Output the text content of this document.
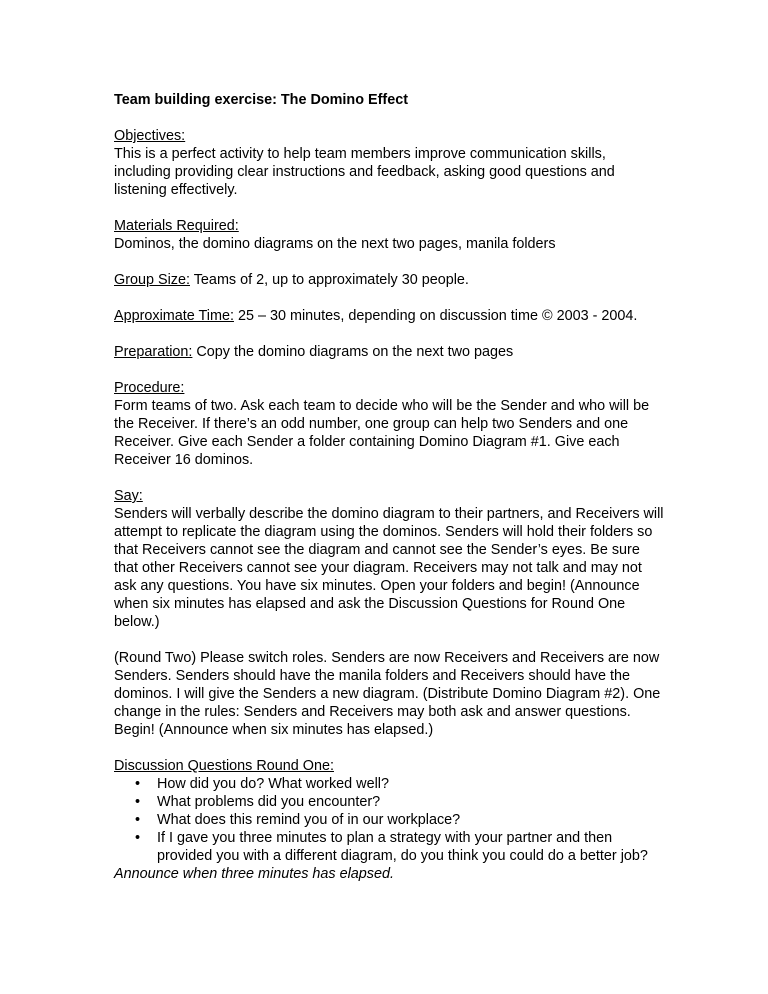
Team building exercise: The Domino Effect

Objectives:

This is a perfect activity to help team members improve communication skills, including providing clear instructions and feedback, asking good questions and listening effectively.

Materials Required:

Dominos, the domino diagrams on the next two pages, manila folders

Group Size: Teams of 2, up to approximately 30 people.

Approximate Time: 25 – 30 minutes, depending on discussion time © 2003 - 2004.

Preparation: Copy the domino diagrams on the next two pages

Procedure:

Form teams of two. Ask each team to decide who will be the Sender and who will be the Receiver. If there’s an odd number, one group can help two Senders and one Receiver. Give each Sender a folder containing Domino Diagram #1. Give each Receiver 16 dominos.

Say:

Senders will verbally describe the domino diagram to their partners, and Receivers will attempt to replicate the diagram using the dominos. Senders will hold their folders so that Receivers cannot see the diagram and cannot see the Sender’s eyes. Be sure that other Receivers cannot see your diagram. Receivers may not talk and may not ask any questions. You have six minutes. Open your folders and begin! (Announce when six minutes has elapsed and ask the Discussion Questions for Round One below.)

(Round Two) Please switch roles. Senders are now Receivers and Receivers are now Senders. Senders should have the manila folders and Receivers should have the dominos. I will give the Senders a new diagram. (Distribute Domino Diagram #2). One change in the rules: Senders and Receivers may both ask and answer questions. Begin! (Announce when six minutes has elapsed.)

Discussion Questions Round One:

• How did you do? What worked well?
• What problems did you encounter?
• What does this remind you of in our workplace?
• If I gave you three minutes to plan a strategy with your partner and then provided you with a different diagram, do you think you could do a better job?

Announce when three minutes has elapsed.
